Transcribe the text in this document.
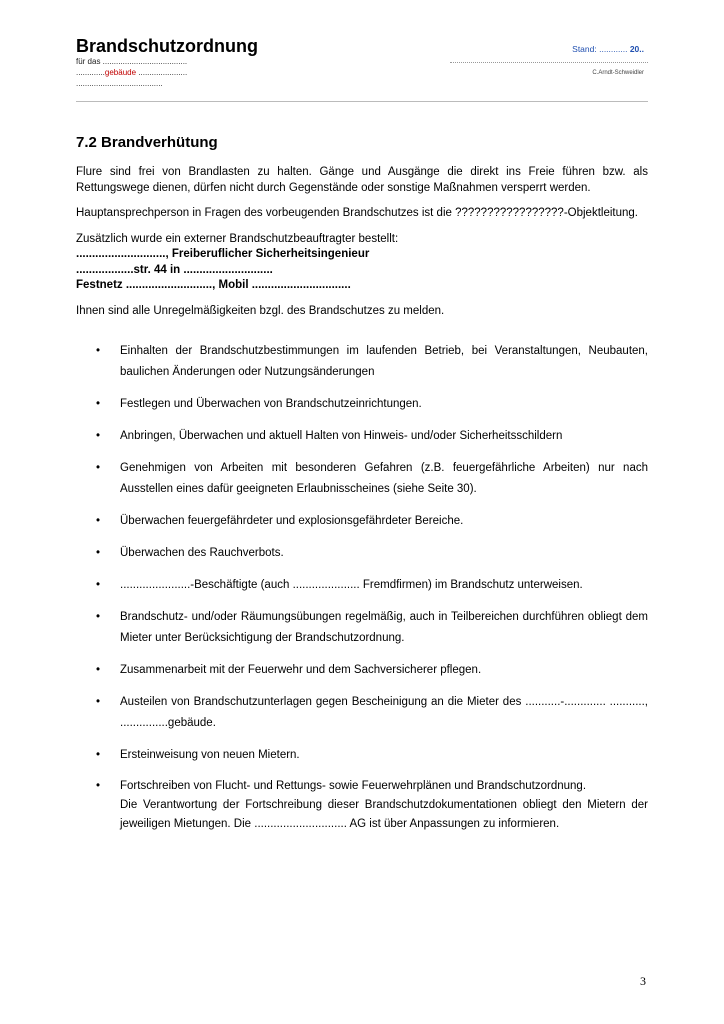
Brandschutzordnung
für das ......................................
.............gebäude ......................
.......................................
Stand: ............ 20..
C.Arndt-Schweidler
7.2 Brandverhütung

Flure sind frei von Brandlasten zu halten. Gänge und Ausgänge die direkt ins Freie führen bzw. als Rettungswege dienen, dürfen nicht durch Gegenstände oder sonstige Maßnahmen versperrt werden.

Hauptansprechperson in Fragen des vorbeugenden Brandschutzes ist die ?????????????????-Objektleitung.

Zusätzlich wurde ein externer Brandschutzbeauftragter bestellt:

............................, Freiberuflicher Sicherheitsingenieur
..................str. 44 in ............................
Festnetz ..........................., Mobil ...............................

Ihnen sind alle Unregelmäßigkeiten bzgl. des Brandschutzes zu melden.

• Einhalten der Brandschutzbestimmungen im laufenden Betrieb, bei Veranstaltungen, Neubauten, baulichen Änderungen oder Nutzungsänderungen
• Festlegen und Überwachen von Brandschutzeinrichtungen.
• Anbringen, Überwachen und aktuell Halten von Hinweis- und/oder Sicherheitsschildern
• Genehmigen von Arbeiten mit besonderen Gefahren (z.B. feuergefährliche Arbeiten) nur nach Ausstellen eines dafür geeigneten Erlaubnisscheines (siehe Seite 30).
• Überwachen feuergefährdeter und explosionsgefährdeter Bereiche.
• Überwachen des Rauchverbots.
• ......................-Beschäftigte (auch ..................... Fremdfirmen) im Brandschutz unterweisen.
• Brandschutz- und/oder Räumungsübungen regelmäßig, auch in Teilbereichen durchführen obliegt dem Mieter unter Berücksichtigung der Brandschutzordnung.
• Zusammenarbeit mit der Feuerwehr und dem Sachversicherer pflegen.
• Austeilen von Brandschutzunterlagen gegen Bescheinigung an die Mieter des ...........-............. ..........., ...............gebäude.
• Ersteinweisung von neuen Mietern.
• Fortschreiben von Flucht- und Rettungs- sowie Feuerwehrplänen und Brandschutzordnung.
Die Verantwortung der Fortschreibung dieser Brandschutzdokumentationen obliegt den Mietern der jeweiligen Mietungen. Die ............................. AG ist über Anpassungen zu informieren.
3
